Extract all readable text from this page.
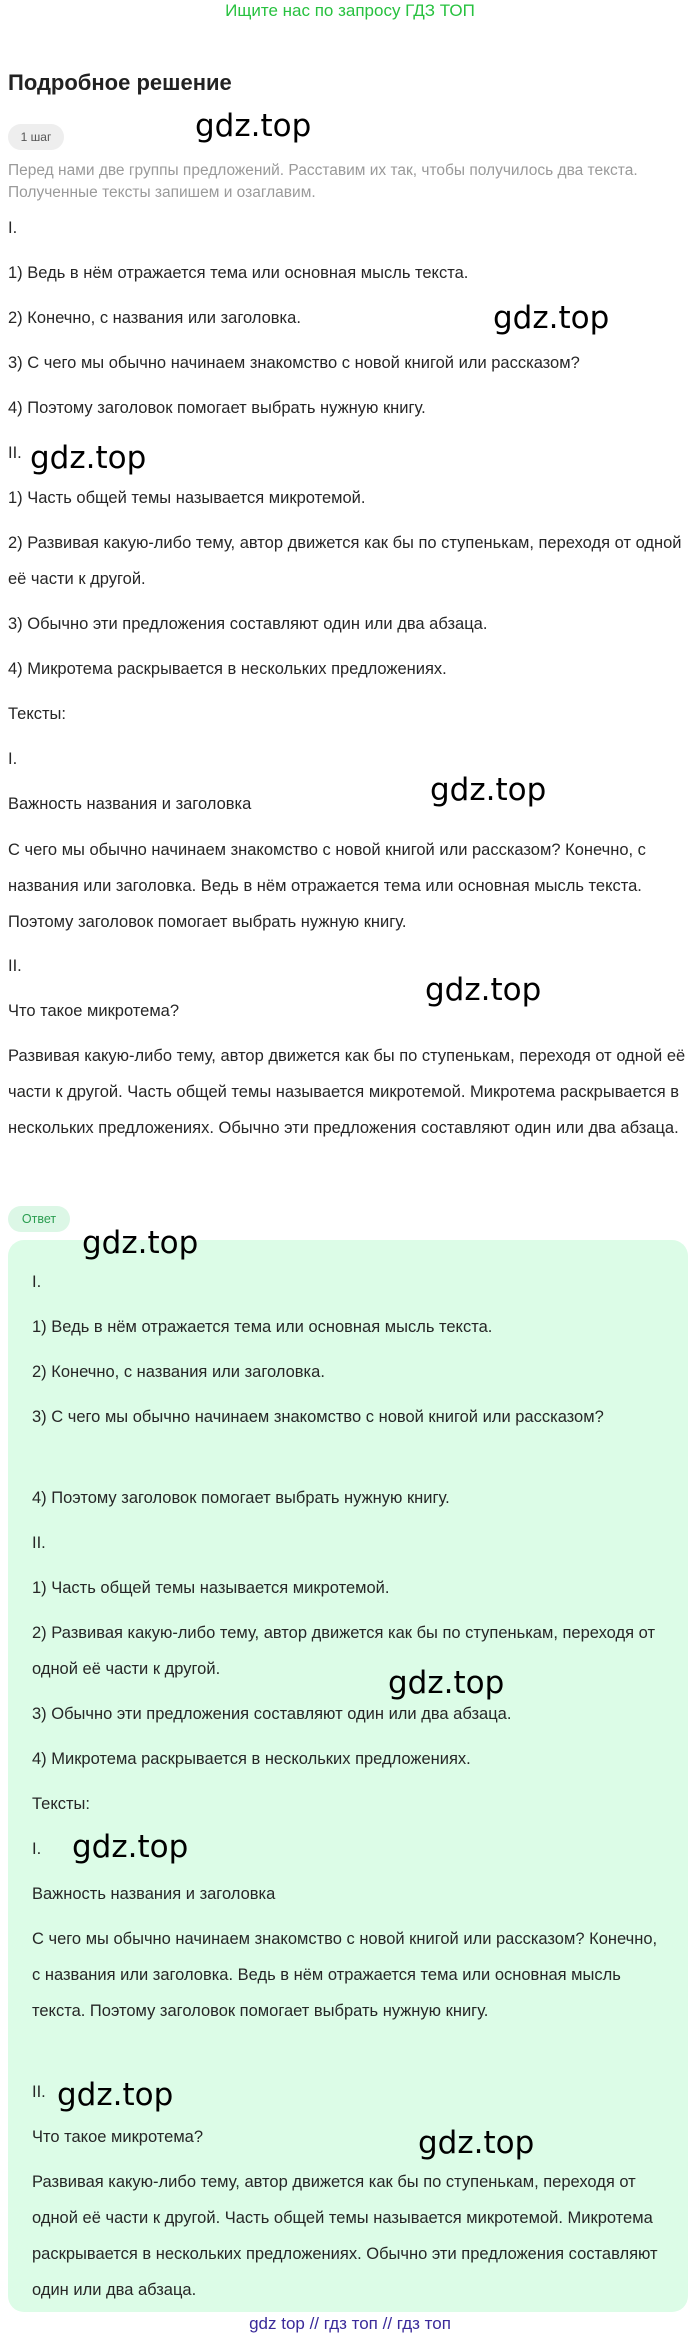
Ищите нас по запросу ГДЗ ТОП
Подробное решение
1 шаг
Перед нами две группы предложений. Расставим их так, чтобы получилось два текста. Полученные тексты запишем и озаглавим.
I.
1) Ведь в нём отражается тема или основная мысль текста.
2) Конечно, с названия или заголовка.
3) С чего мы обычно начинаем знакомство с новой книгой или рассказом?
4) Поэтому заголовок помогает выбрать нужную книгу.
II.
1) Часть общей темы называется микротемой.
2) Развивая какую-либо тему, автор движется как бы по ступенькам, переходя от одной её части к другой.
3) Обычно эти предложения составляют один или два абзаца.
4) Микротема раскрывается в нескольких предложениях.
Тексты:
I.
Важность названия и заголовка
С чего мы обычно начинаем знакомство с новой книгой или рассказом? Конечно, с названия или заголовка. Ведь в нём отражается тема или основная мысль текста. Поэтому заголовок помогает выбрать нужную книгу.
II.
Что такое микротема?
Развивая какую-либо тему, автор движется как бы по ступенькам, переходя от одной её части к другой. Часть общей темы называется микротемой. Микротема раскрывается в нескольких предложениях. Обычно эти предложения составляют один или два абзаца.
Ответ
I.
1) Ведь в нём отражается тема или основная мысль текста.
2) Конечно, с названия или заголовка.
3) С чего мы обычно начинаем знакомство с новой книгой или рассказом?
4) Поэтому заголовок помогает выбрать нужную книгу.
II.
1) Часть общей темы называется микротемой.
2) Развивая какую-либо тему, автор движется как бы по ступенькам, переходя от одной её части к другой.
3) Обычно эти предложения составляют один или два абзаца.
4) Микротема раскрывается в нескольких предложениях.
Тексты:
I.
Важность названия и заголовка
С чего мы обычно начинаем знакомство с новой книгой или рассказом? Конечно, с названия или заголовка. Ведь в нём отражается тема или основная мысль текста. Поэтому заголовок помогает выбрать нужную книгу.
II.
Что такое микротема?
Развивая какую-либо тему, автор движется как бы по ступенькам, переходя от одной её части к другой. Часть общей темы называется микротемой. Микротема раскрывается в нескольких предложениях. Обычно эти предложения составляют один или два абзаца.
gdz.top
gdz.top
gdz.top
gdz.top
gdz.top
gdz.top
gdz.top
gdz.top
gdz.top
gdz.top
gdz top // гдз топ // гдз топ
